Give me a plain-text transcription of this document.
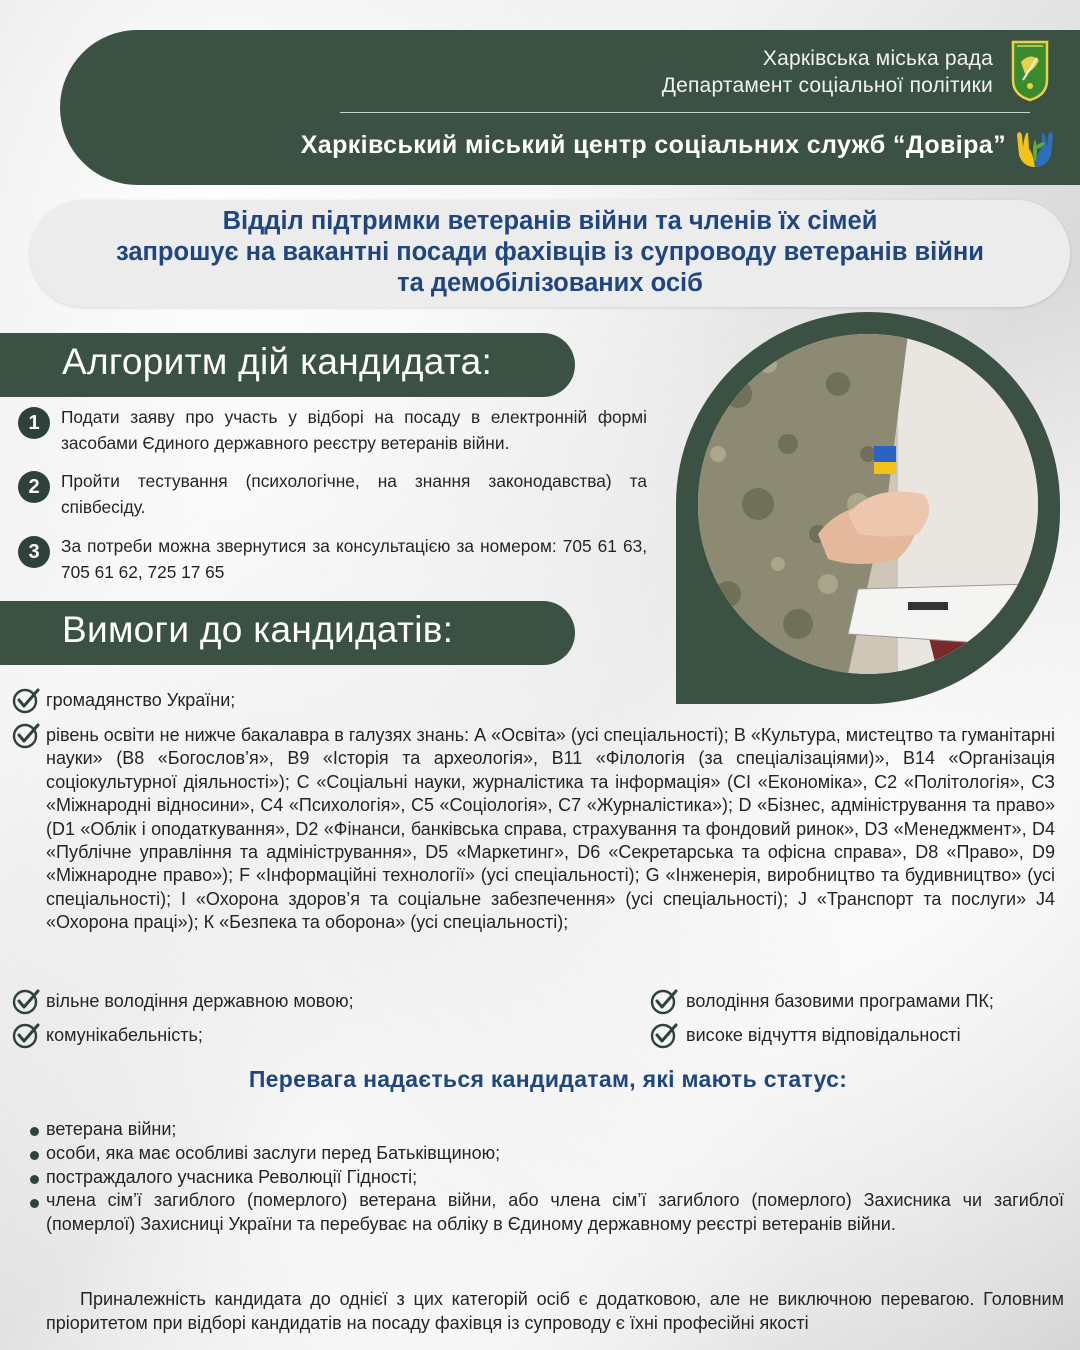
Харківська міська рада
Департамент соціальної політики
Харківський міський центр соціальних служб “Довіра”
Відділ підтримки ветеранів війни та членів їх сімей
запрошує на вакантні посади фахівців із супроводу ветеранів війни
та демобілізованих осіб
Алгоритм дій кандидата:
1	Подати заяву про участь у відборі на посаду в електронній формі засобами Єдиного державного реєстру ветеранів війни.
2	Пройти тестування (психологічне, на знання законодавства) та співбесіду.
3	За потреби можна звернутися за консультацією за номером: 705 61 63, 705 61 62, 725 17 65
Вимоги до кандидатів:
громадянство України;
рівень освіти не нижче бакалавра в галузях знань: А «Освіта» (усі спеціальності); В «Культура, мистецтво та гуманітарні науки» (В8 «Богослов’я», В9 «Історія та археологія», В11 «Філологія (за спеціалізаціями)», В14 «Організація соціокультурної діяльності»); С «Соціальні науки, журналістика та інформація» (СІ «Економіка», С2 «Політологія», СЗ «Міжнародні відносини», С4 «Психологія», С5 «Соціологія», С7 «Журналістика»); D «Бізнес, адміністрування та право» (D1 «Облік і оподаткування», D2 «Фінанси, банківська справа, страхування та фондовий ринок», DЗ «Менеджмент», D4 «Публічне управління та адміністрування», D5 «Маркетинг», D6 «Секретарська та офісна справа», D8 «Право», D9 «Міжнародне право»); F «Інформаційні технології» (усі спеціальності); G «Інженерія, виробництво та будивництво» (усі спеціальності); I «Охорона здоров’я та соціальне забезпечення» (усі спеціальності); J «Транспорт та послуги» J4 «Охорона праці»); К «Безпека та оборона» (усі спеціальності);
вільне володіння державною мовою;
комунікабельність;
володіння базовими програмами ПК;
високе відчуття відповідальності
Перевага надається кандидатам, які мають статус:
ветерана війни;
особи, яка має особливі заслуги перед Батьківщиною;
постраждалого учасника Революції Гідності;
члена сім’ї загиблого (померлого) ветерана війни, або члена сім’ї загиблого (померлого) Захисника чи загиблої (померлої) Захисниці України та перебуває на обліку в Єдиному державному реєстрі ветеранів війни.
Приналежність кандидата до однієї з цих категорій осіб є додатковою, але не виключною перевагою. Головним пріоритетом при відборі кандидатів на посаду фахівця із супроводу є їхні професійні якості
